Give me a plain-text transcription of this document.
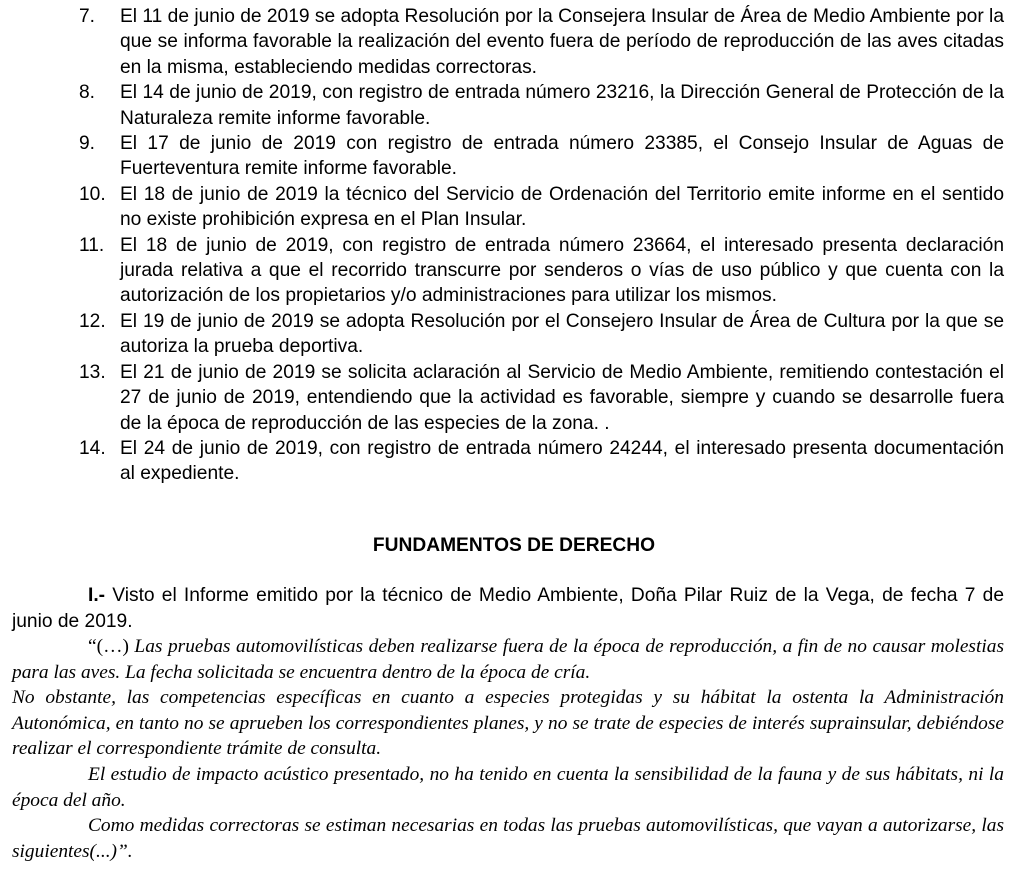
7. El 11 de junio de 2019 se adopta Resolución por la Consejera Insular de Área de Medio Ambiente por la que se informa favorable la realización del evento fuera de período de reproducción de las aves citadas en la misma, estableciendo medidas correctoras.
8. El 14 de junio de 2019, con registro de entrada número 23216, la Dirección General de Protección de la Naturaleza remite informe favorable.
9. El 17 de junio de 2019 con registro de entrada número 23385, el Consejo Insular de Aguas de Fuerteventura remite informe favorable.
10. El 18 de junio de 2019 la técnico del Servicio de Ordenación del Territorio emite informe en el sentido no existe prohibición expresa en el Plan Insular.
11. El 18 de junio de 2019, con registro de entrada número 23664, el interesado presenta declaración jurada relativa a que el recorrido transcurre por senderos o vías de uso público y que cuenta con la autorización de los propietarios y/o administraciones para utilizar los mismos.
12. El 19 de junio de 2019 se adopta Resolución por el Consejero Insular de Área de Cultura por la que se autoriza la prueba deportiva.
13. El 21 de junio de 2019 se solicita aclaración al Servicio de Medio Ambiente, remitiendo contestación el 27 de junio de 2019, entendiendo que la actividad es favorable, siempre y cuando se desarrolle fuera de la época de reproducción de las especies de la zona. .
14. El 24 de junio de 2019, con registro de entrada número 24244, el interesado presenta documentación al expediente.
FUNDAMENTOS DE DERECHO

I.- Visto el Informe emitido por la técnico de Medio Ambiente, Doña Pilar Ruiz de la Vega, de fecha 7 de junio de 2019.

“(…) Las pruebas automovilísticas deben realizarse fuera de la época de reproducción, a fin de no causar molestias para las aves. La fecha solicitada se encuentra dentro de la época de cría.

No obstante, las competencias específicas en cuanto a especies protegidas y su hábitat la ostenta la Administración Autonómica, en tanto no se aprueben los correspondientes planes, y no se trate de especies de interés suprainsular, debiéndose realizar el correspondiente trámite de consulta.

El estudio de impacto acústico presentado, no ha tenido en cuenta la sensibilidad de la fauna y de sus hábitats, ni la época del año.

Como medidas correctoras se estiman necesarias en todas las pruebas automovilísticas, que vayan a autorizarse, las siguientes(...)”.
